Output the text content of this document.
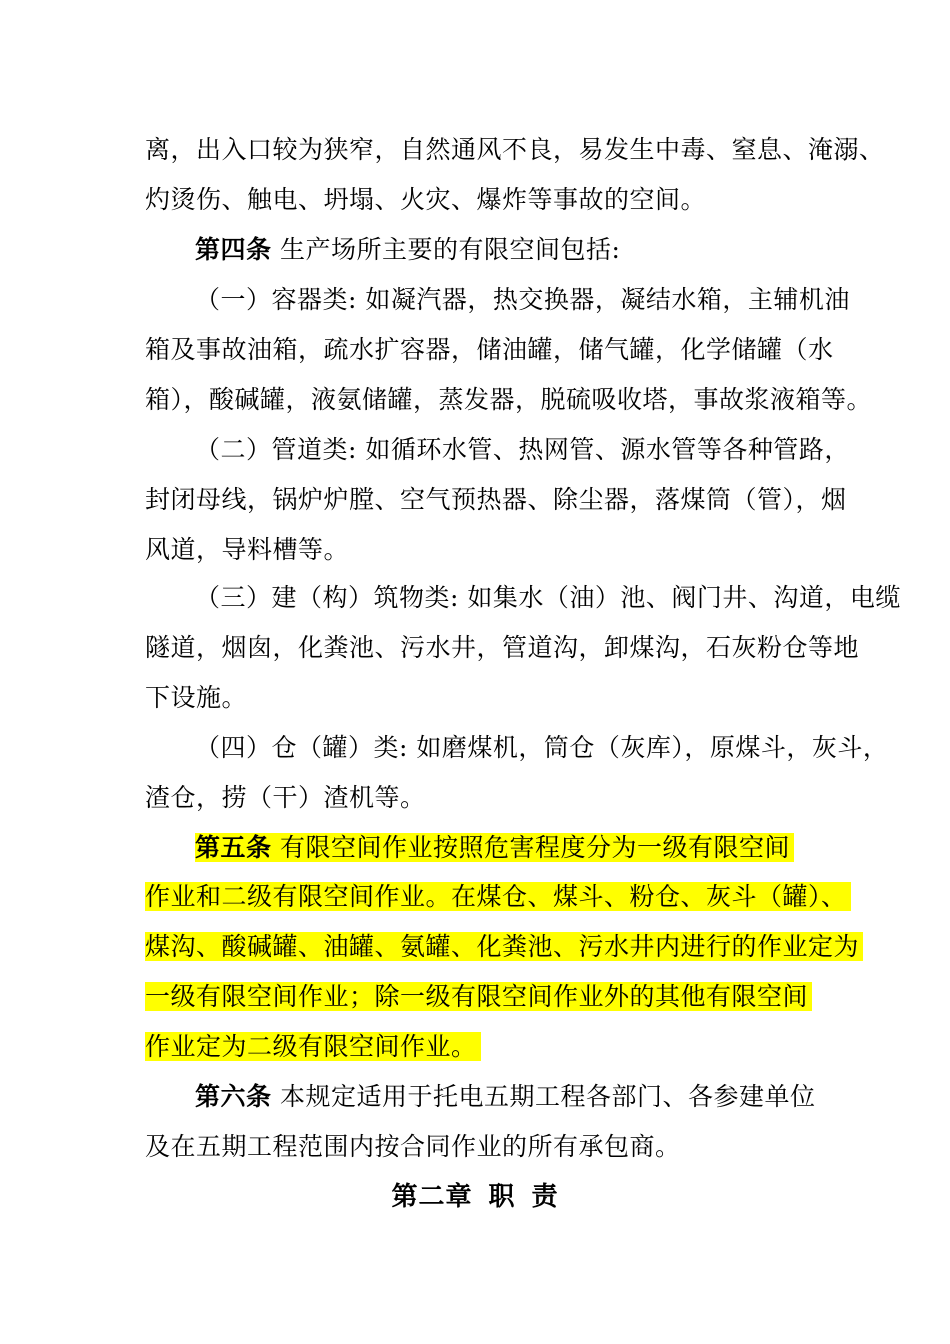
离，出入口较为狭窄，自然通风不良，易发生中毒、窒息、淹溺、
灼烫伤、触电、坍塌、火灾、爆炸等事故的空间。
第四条 生产场所主要的有限空间包括:
（一）容器类: 如凝汽器，热交换器，凝结水箱，主辅机油
箱及事故油箱，疏水扩容器，储油罐，储气罐，化学储罐（水
箱），酸碱罐，液氨储罐，蒸发器，脱硫吸收塔，事故浆液箱等。
（二）管道类: 如循环水管、热网管、源水管等各种管路，
封闭母线，锅炉炉膛、空气预热器、除尘器，落煤筒（管），烟
风道，导料槽等。
（三）建（构）筑物类: 如集水（油）池、阀门井、沟道，电缆
隧道，烟囱，化粪池、污水井，管道沟，卸煤沟，石灰粉仓等地
下设施。
（四）仓（罐）类: 如磨煤机，筒仓（灰库），原煤斗，灰斗，
渣仓，捞（干）渣机等。
第五条 有限空间作业按照危害程度分为一级有限空间
作业和二级有限空间作业。在煤仓、煤斗、粉仓、灰斗（罐）、
煤沟、酸碱罐、油罐、氨罐、化粪池、污水井内进行的作业定为
一级有限空间作业；除一级有限空间作业外的其他有限空间
作业定为二级有限空间作业。
第六条 本规定适用于托电五期工程各部门、各参建单位
及在五期工程范围内按合同作业的所有承包商。
第二章 职 责
